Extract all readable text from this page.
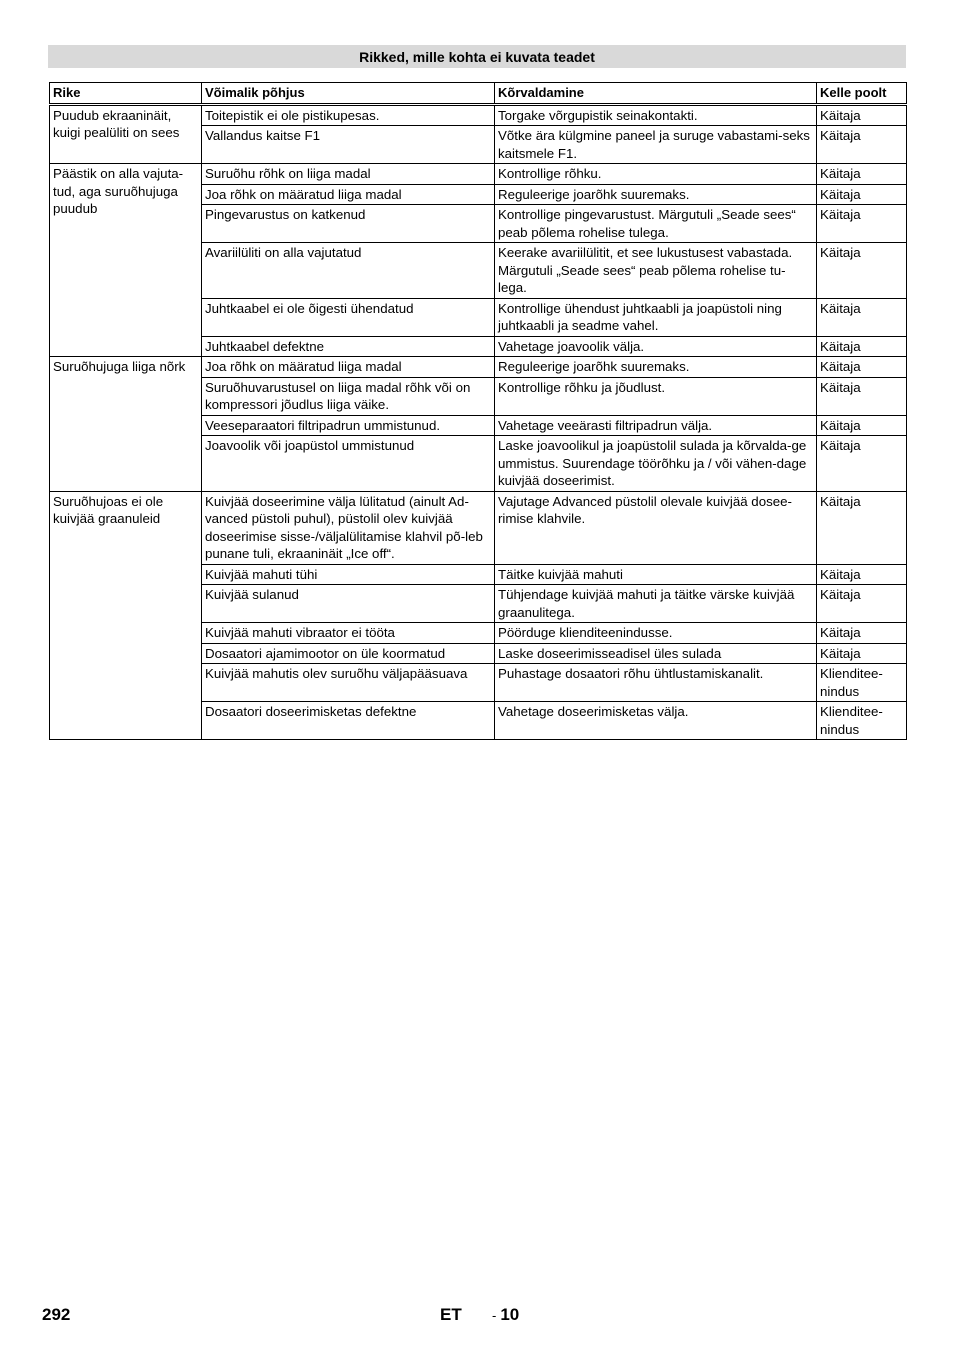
Rikked, mille kohta ei kuvata teadet
Rike	Võimalik põhjus	Kõrvaldamine	Kelle poolt
Puudub ekraaninäit, kuigi pealüliti on sees	Toitepistik ei ole pistikupesas.	Torgake võrgupistik seinakontakti.	Käitaja
	Vallandus kaitse F1	Võtke ära külgmine paneel ja suruge vabastami-seks kaitsmele F1.	Käitaja
Päästik on alla vajuta-tud, aga suruõhujuga puudub	Suruõhu rõhk on liiga madal	Kontrollige rõhku.	Käitaja
	Joa rõhk on määratud liiga madal	Reguleerige joarõhk suuremaks.	Käitaja
	Pingevarustus on katkenud	Kontrollige pingevarustust. Märgutuli „Seade sees“ peab põlema rohelise tulega.	Käitaja
	Avariilüliti on alla vajutatud	Keerake avariilülitit, et see lukustusest vabastada. Märgutuli „Seade sees“ peab põlema rohelise tu-lega.	Käitaja
	Juhtkaabel ei ole õigesti ühendatud	Kontrollige ühendust juhtkaabli ja joapüstoli ning juhtkaabli ja seadme vahel.	Käitaja
	Juhtkaabel defektne	Vahetage joavoolik välja.	Käitaja
Suruõhujuga liiga nõrk	Joa rõhk on määratud liiga madal	Reguleerige joarõhk suuremaks.	Käitaja
	Suruõhuvarustusel on liiga madal rõhk või on kompressori jõudlus liiga väike.	Kontrollige rõhku ja jõudlust.	Käitaja
	Veeseparaatori filtripadrun ummistunud.	Vahetage veeärasti filtripadrun välja.	Käitaja
	Joavoolik või joapüstol ummistunud	Laske joavoolikul ja joapüstolil sulada ja kõrvalda-ge ummistus. Suurendage töörõhku ja / või vähen-dage kuivjää doseerimist.	Käitaja
Suruõhujoas ei ole kuivjää graanuleid	Kuivjää doseerimine välja lülitatud (ainult Ad-vanced püstoli puhul), püstolil olev kuivjää doseerimise sisse-/väljalülitamise klahvil põ-leb punane tuli, ekraaninäit „Ice off“.	Vajutage Advanced püstolil olevale kuivjää dosee-rimise klahvile.	Käitaja
	Kuivjää mahuti tühi	Täitke kuivjää mahuti	Käitaja
	Kuivjää sulanud	Tühjendage kuivjää mahuti ja täitke värske kuivjää graanulitega.	Käitaja
	Kuivjää mahuti vibraator ei tööta	Pöörduge klienditeenindusse.	Käitaja
	Dosaatori ajamimootor on üle koormatud	Laske doseerimisseadisel üles sulada	Käitaja
	Kuivjää mahutis olev suruõhu väljapääsuava	Puhastage dosaatori rõhu ühtlustamiskanalit.	Klienditee-nindus
	Dosaatori doseerimisketas defektne	Vahetage doseerimisketas välja.	Klienditee-nindus
292	ET - 10
